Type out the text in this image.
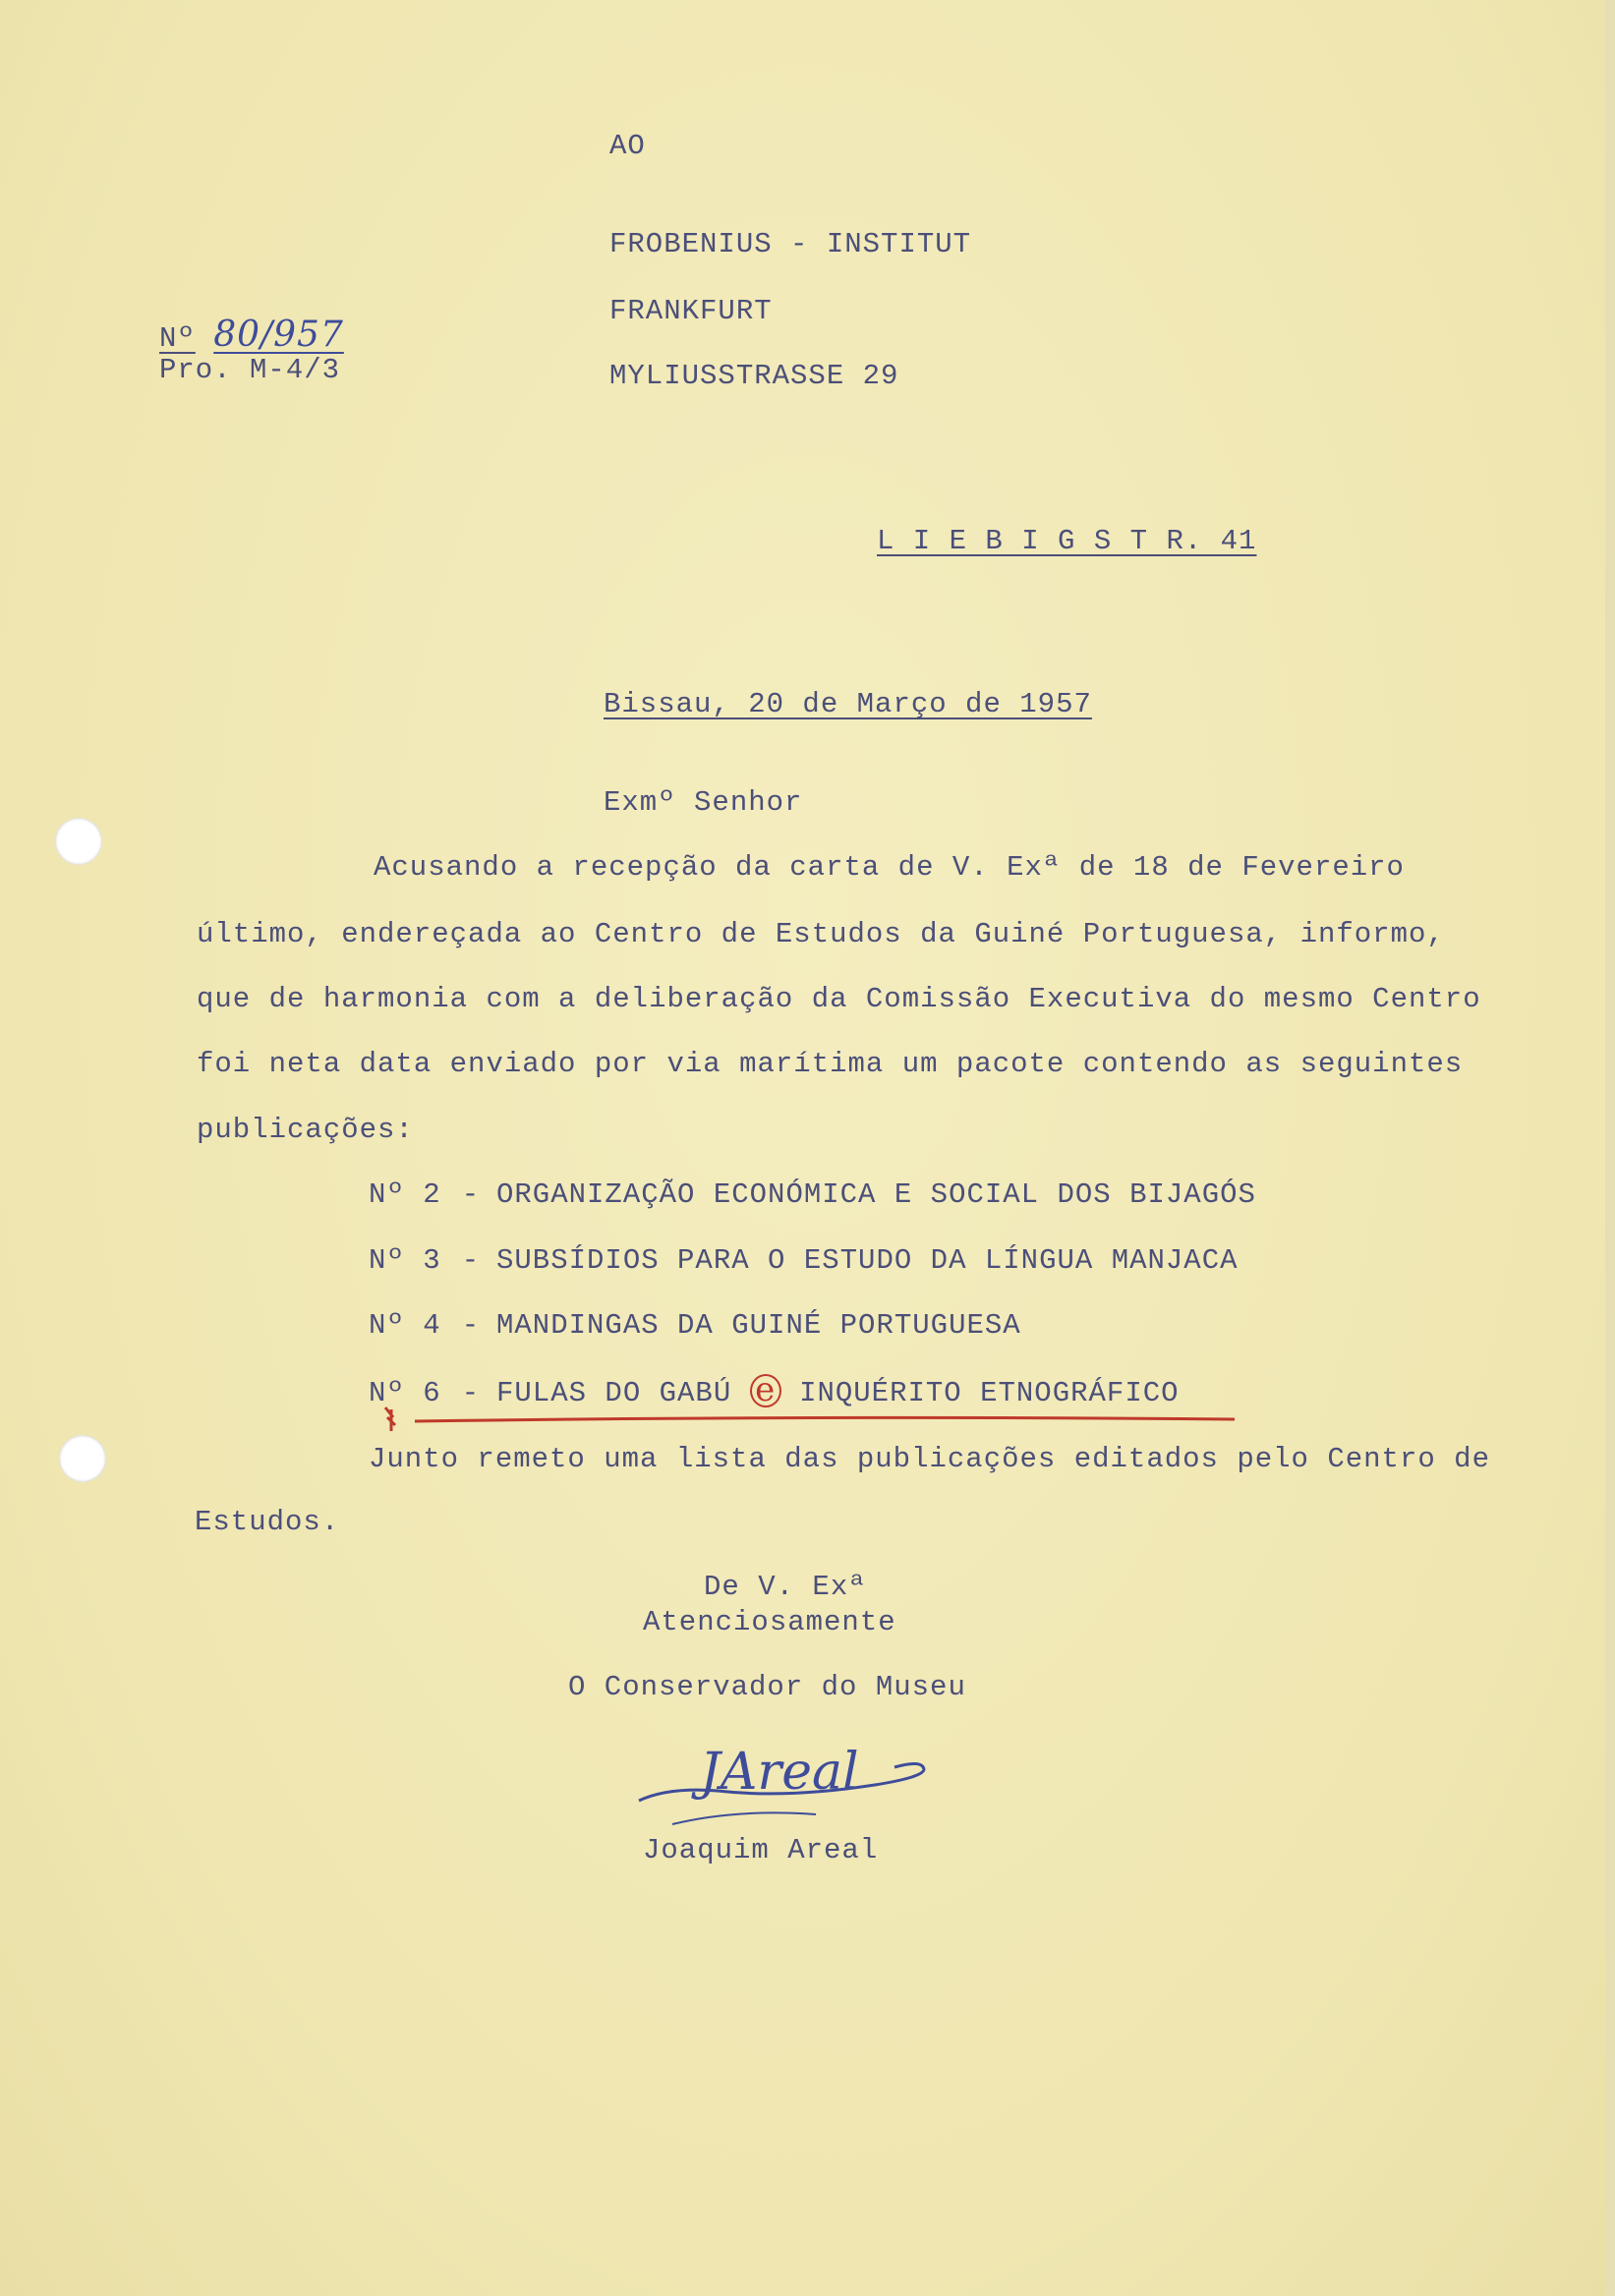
AO
FROBENIUS - INSTITUT
FRANKFURT
MYLIUSSTRASSE 29
Nº 80/957
Pro. M-4/3
L I E B I G S T R. 41
Bissau, 20 de Março de 1957
Exmº Senhor
Acusando a recepção da carta de V. Exª de 18 de Fevereiro
último, endereçada ao Centro de Estudos da Guiné Portuguesa, informo,
que de harmonia com a deliberação da Comissão Executiva do mesmo Centro
foi neta data enviado por via marítima um pacote contendo as seguintes
publicações:
Nº 2 - ORGANIZAÇÃO ECONÓMICA E SOCIAL DOS BIJAGÓS
Nº 3 - SUBSÍDIOS PARA O ESTUDO DA LÍNGUA MANJACA
Nº 4 - MANDINGAS DA GUINÉ PORTUGUESA
Nº 6 - FULAS DO GABÚ e INQUÉRITO ETNOGRÁFICO
Junto remeto uma lista das publicações editados pelo Centro de
Estudos.
De V. Exª
Atenciosamente
O Conservador do Museu
JAreal
Joaquim Areal
